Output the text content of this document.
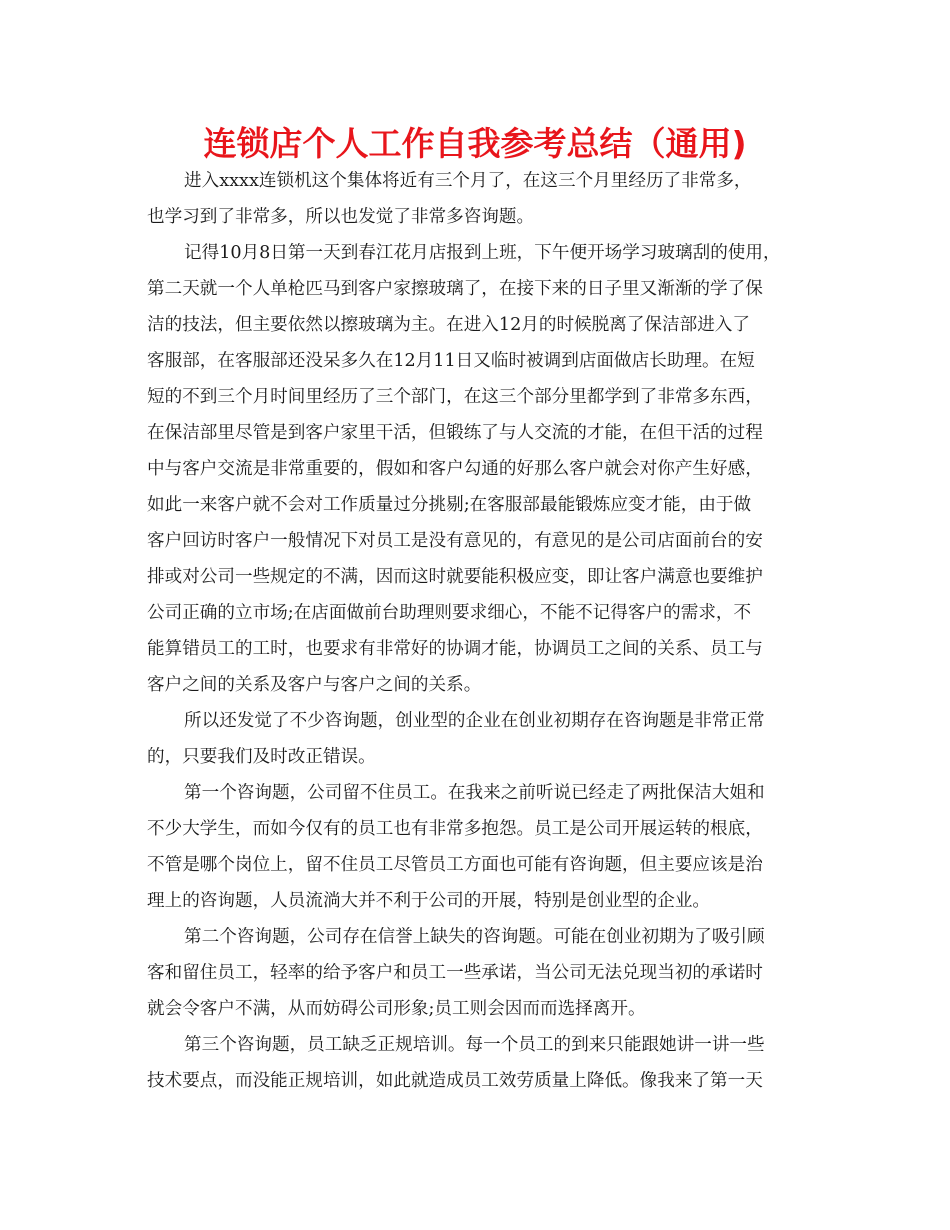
连锁店个人工作自我参考总结（通用)
进入xxxx连锁机这个集体将近有三个月了，在这三个月里经历了非常多，
也学习到了非常多，所以也发觉了非常多咨询题。
记得10月8日第一天到春江花月店报到上班，下午便开场学习玻璃刮的使用，
第二天就一个人单枪匹马到客户家擦玻璃了，在接下来的日子里又渐渐的学了保
洁的技法，但主要依然以擦玻璃为主。在进入12月的时候脱离了保洁部进入了
客服部，在客服部还没呆多久在12月11日又临时被调到店面做店长助理。在短
短的不到三个月时间里经历了三个部门，在这三个部分里都学到了非常多东西，
在保洁部里尽管是到客户家里干活，但锻练了与人交流的才能，在但干活的过程
中与客户交流是非常重要的，假如和客户勾通的好那么客户就会对你产生好感，
如此一来客户就不会对工作质量过分挑剔;在客服部最能锻炼应变才能，由于做
客户回访时客户一般情况下对员工是没有意见的，有意见的是公司店面前台的安
排或对公司一些规定的不满，因而这时就要能积极应变，即让客户满意也要维护
公司正确的立市场;在店面做前台助理则要求细心，不能不记得客户的需求，不
能算错员工的工时，也要求有非常好的协调才能，协调员工之间的关系、员工与
客户之间的关系及客户与客户之间的关系。
所以还发觉了不少咨询题，创业型的企业在创业初期存在咨询题是非常正常
的，只要我们及时改正错误。
第一个咨询题，公司留不住员工。在我来之前听说已经走了两批保洁大姐和
不少大学生，而如今仅有的员工也有非常多抱怨。员工是公司开展运转的根底，
不管是哪个岗位上，留不住员工尽管员工方面也可能有咨询题，但主要应该是治
理上的咨询题，人员流淌大并不利于公司的开展，特别是创业型的企业。
第二个咨询题，公司存在信誉上缺失的咨询题。可能在创业初期为了吸引顾
客和留住员工，轻率的给予客户和员工一些承诺，当公司无法兑现当初的承诺时
就会令客户不满，从而妨碍公司形象;员工则会因而而选择离开。
第三个咨询题，员工缺乏正规培训。每一个员工的到来只能跟她讲一讲一些
技术要点，而没能正规培训，如此就造成员工效劳质量上降低。像我来了第一天
